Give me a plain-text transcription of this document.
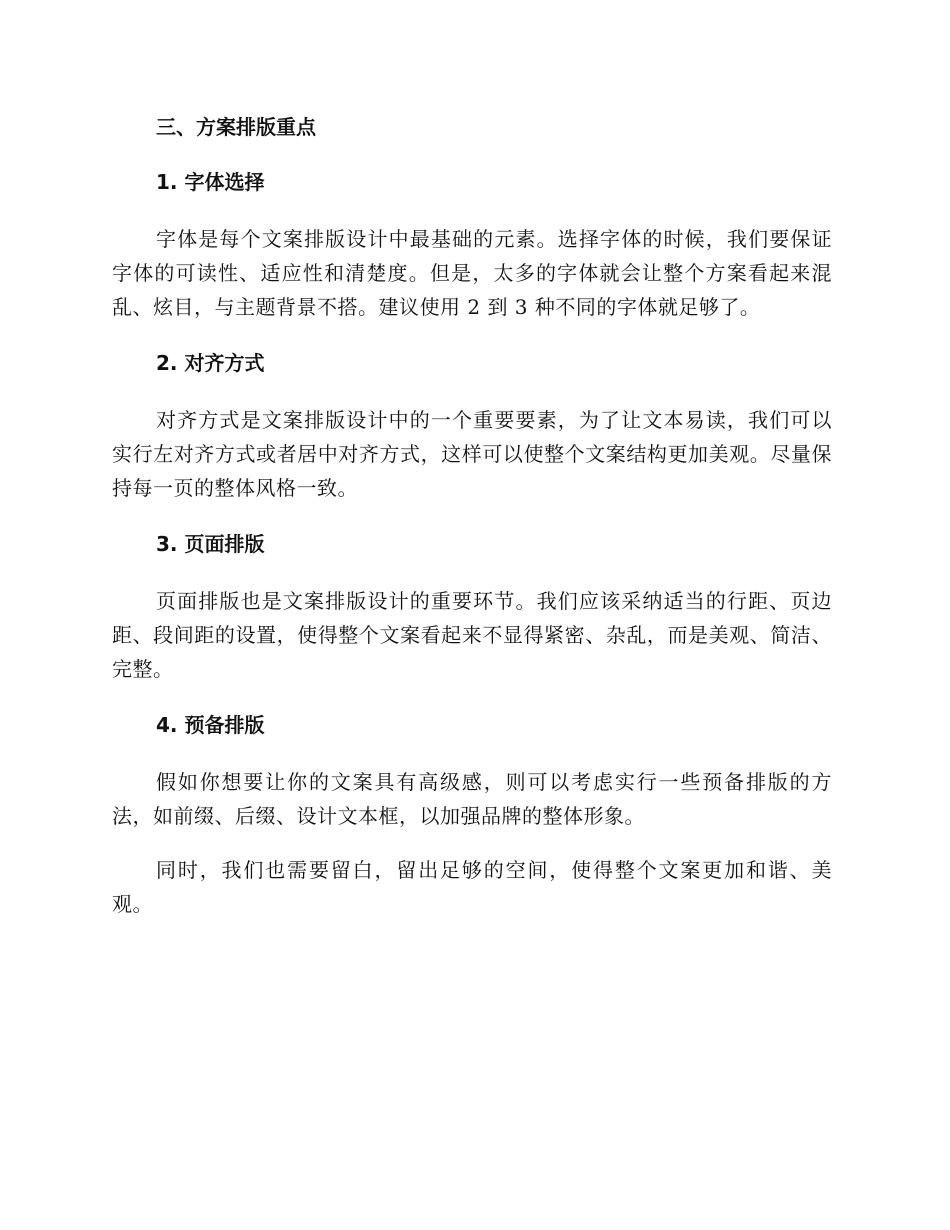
三、方案排版重点
1. 字体选择

字体是每个文案排版设计中最基础的元素。选择字体的时候，我们要保证字体的可读性、适应性和清楚度。但是，太多的字体就会让整个方案看起来混乱、炫目，与主题背景不搭。建议使用 2 到 3 种不同的字体就足够了。

2. 对齐方式

对齐方式是文案排版设计中的一个重要要素，为了让文本易读，我们可以实行左对齐方式或者居中对齐方式，这样可以使整个文案结构更加美观。尽量保持每一页的整体风格一致。

3. 页面排版

页面排版也是文案排版设计的重要环节。我们应该采纳适当的行距、页边距、段间距的设置，使得整个文案看起来不显得紧密、杂乱，而是美观、简洁、完整。

4. 预备排版

假如你想要让你的文案具有高级感，则可以考虑实行一些预备排版的方法，如前缀、后缀、设计文本框，以加强品牌的整体形象。

同时，我们也需要留白，留出足够的空间，使得整个文案更加和谐、美观。
